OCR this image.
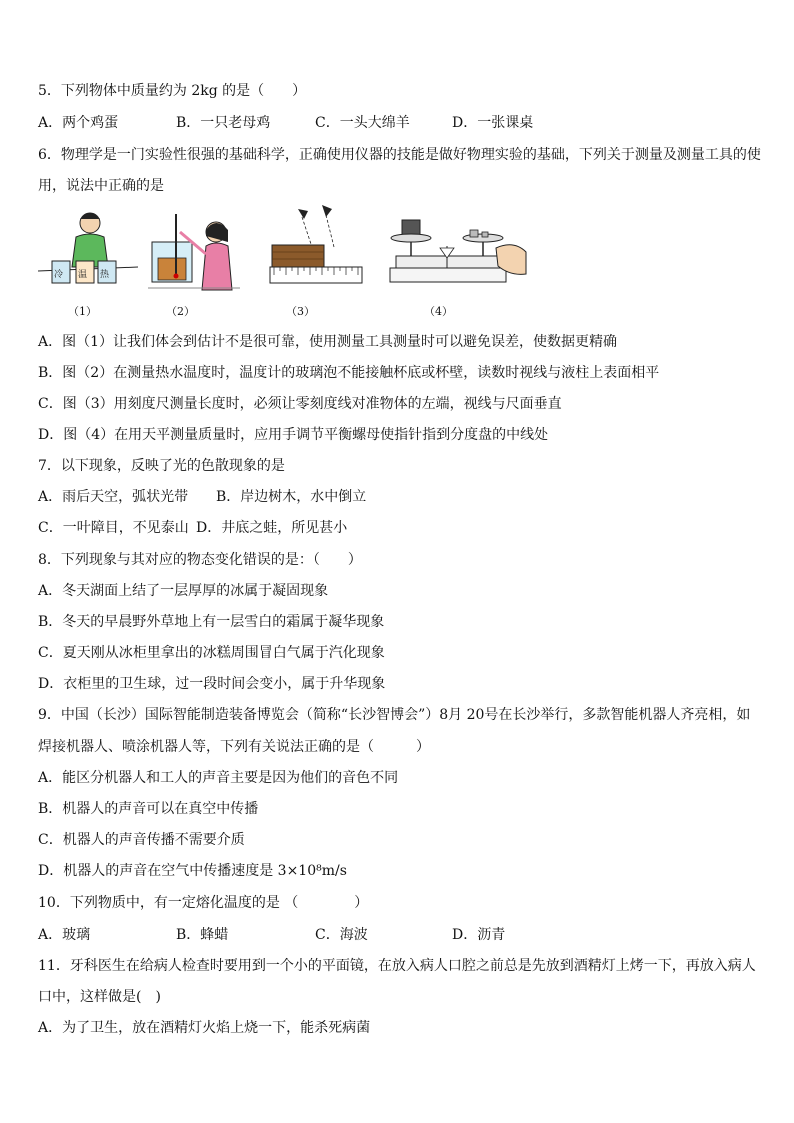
5．下列物体中质量约为 2kg 的是（　　）
A．两个鸡蛋	B．一只老母鸡	C．一头大绵羊	D．一张课桌
6．物理学是一门实验性很强的基础科学，正确使用仪器的技能是做好物理实验的基础，下列关于测量及测量工具的使
用，说法中正确的是
冷 温 热
（1）	（2）	（3）	（4）
A．图（1）让我们体会到估计不是很可靠，使用测量工具测量时可以避免误差，使数据更精确
B．图（2）在测量热水温度时，温度计的玻璃泡不能接触杯底或杯壁，读数时视线与液柱上表面相平
C．图（3）用刻度尺测量长度时，必须让零刻度线对准物体的左端，视线与尺面垂直
D．图（4）在用天平测量质量时，应用手调节平衡螺母使指针指到分度盘的中线处
7．以下现象，反映了光的色散现象的是
A．雨后天空，弧状光带 B．岸边树木，水中倒立
C．一叶障目，不见泰山 D．井底之蛙，所见甚小
8．下列现象与其对应的物态变化错误的是：（　　）
A．冬天湖面上结了一层厚厚的冰属于凝固现象
B．冬天的早晨野外草地上有一层雪白的霜属于凝华现象
C．夏天刚从冰柜里拿出的冰糕周围冒白气属于汽化现象
D．衣柜里的卫生球，过一段时间会变小，属于升华现象
9．中国（长沙）国际智能制造装备博览会（简称“长沙智博会”）8月 20号在长沙举行，多款智能机器人齐亮相，如
焊接机器人、喷涂机器人等，下列有关说法正确的是（　　　）
A．能区分机器人和工人的声音主要是因为他们的音色不同
B．机器人的声音可以在真空中传播
C．机器人的声音传播不需要介质
D．机器人的声音在空气中传播速度是 3×10⁸m/s
10．下列物质中，有一定熔化温度的是 （　　　　）
A．玻璃	B．蜂蜡	C．海波	D．沥青
11．牙科医生在给病人检查时要用到一个小的平面镜，在放入病人口腔之前总是先放到酒精灯上烤一下，再放入病人
口中，这样做是(　)
A．为了卫生，放在酒精灯火焰上烧一下，能杀死病菌
